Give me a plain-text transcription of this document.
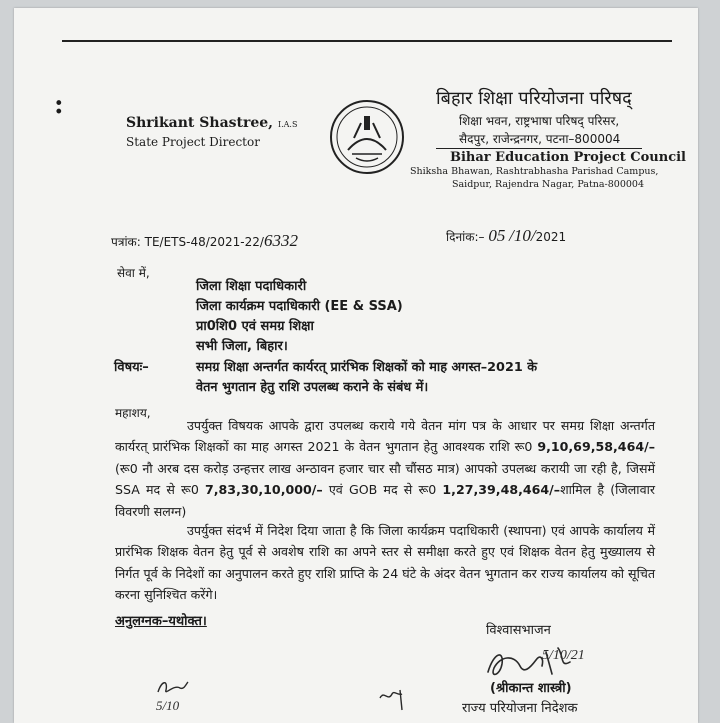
:
Shrikant Shastree, I.A.S
State Project Director
बिहार शिक्षा परियोजना परिषद्
शिक्षा भवन, राष्ट्रभाषा परिषद् परिसर,
सैदपुर, राजेन्द्रनगर, पटना–800004
Bihar Education Project Council
Shiksha Bhawan, Rashtrabhasha Parishad Campus,
Saidpur, Rajendra Nagar, Patna-800004
पत्रांक: TE/ETS-48/2021-22/6332	दिनांक:– 05 /10/2021
सेवा में,
जिला शिक्षा पदाधिकारी
जिला कार्यक्रम पदाधिकारी (EE & SSA)
प्रा0शि0 एवं समग्र शिक्षा
सभी जिला, बिहार।
विषयः–	समग्र शिक्षा अन्तर्गत कार्यरत् प्रारंभिक शिक्षकों को माह अगस्त–2021 के
वेतन भुगतान हेतु राशि उपलब्ध कराने के संबंध में।
महाशय,
उपर्युक्त विषयक आपके द्वारा उपलब्ध कराये गये वेतन मांग पत्र के आधार पर समग्र शिक्षा अन्तर्गत कार्यरत् प्रारंभिक शिक्षकों का माह अगस्त 2021 के वेतन भुगतान हेतु आवश्यक राशि रू0 9,10,69,58,464/– (रू0 नौ अरब दस करोड़ उन्हत्तर लाख अन्ठावन हजार चार सौ चौंसठ मात्र) आपको उपलब्ध करायी जा रही है, जिसमें SSA मद से रू0 7,83,30,10,000/– एवं GOB मद से रू0 1,27,39,48,464/–शामिल है (जिलावार विवरणी सलग्न)
उपर्युक्त संदर्भ में निदेश दिया जाता है कि जिला कार्यक्रम पदाधिकारी (स्थापना) एवं आपके कार्यालय में प्रारंभिक शिक्षक वेतन हेतु पूर्व से अवशेष राशि का अपने स्तर से समीक्षा करते हुए एवं शिक्षक वेतन हेतु मुख्यालय से निर्गत पूर्व के निदेशों का अनुपालन करते हुए राशि प्राप्ति के 24 घंटे के अंदर वेतन भुगतान कर राज्य कार्यालय को सूचित करना सुनिश्चित करेंगे।
अनुलग्नक–यथोक्त।
विश्वासभाजन
5/10/21
(श्रीकान्त शास्त्री)
राज्य परियोजना निदेशक
5/10
